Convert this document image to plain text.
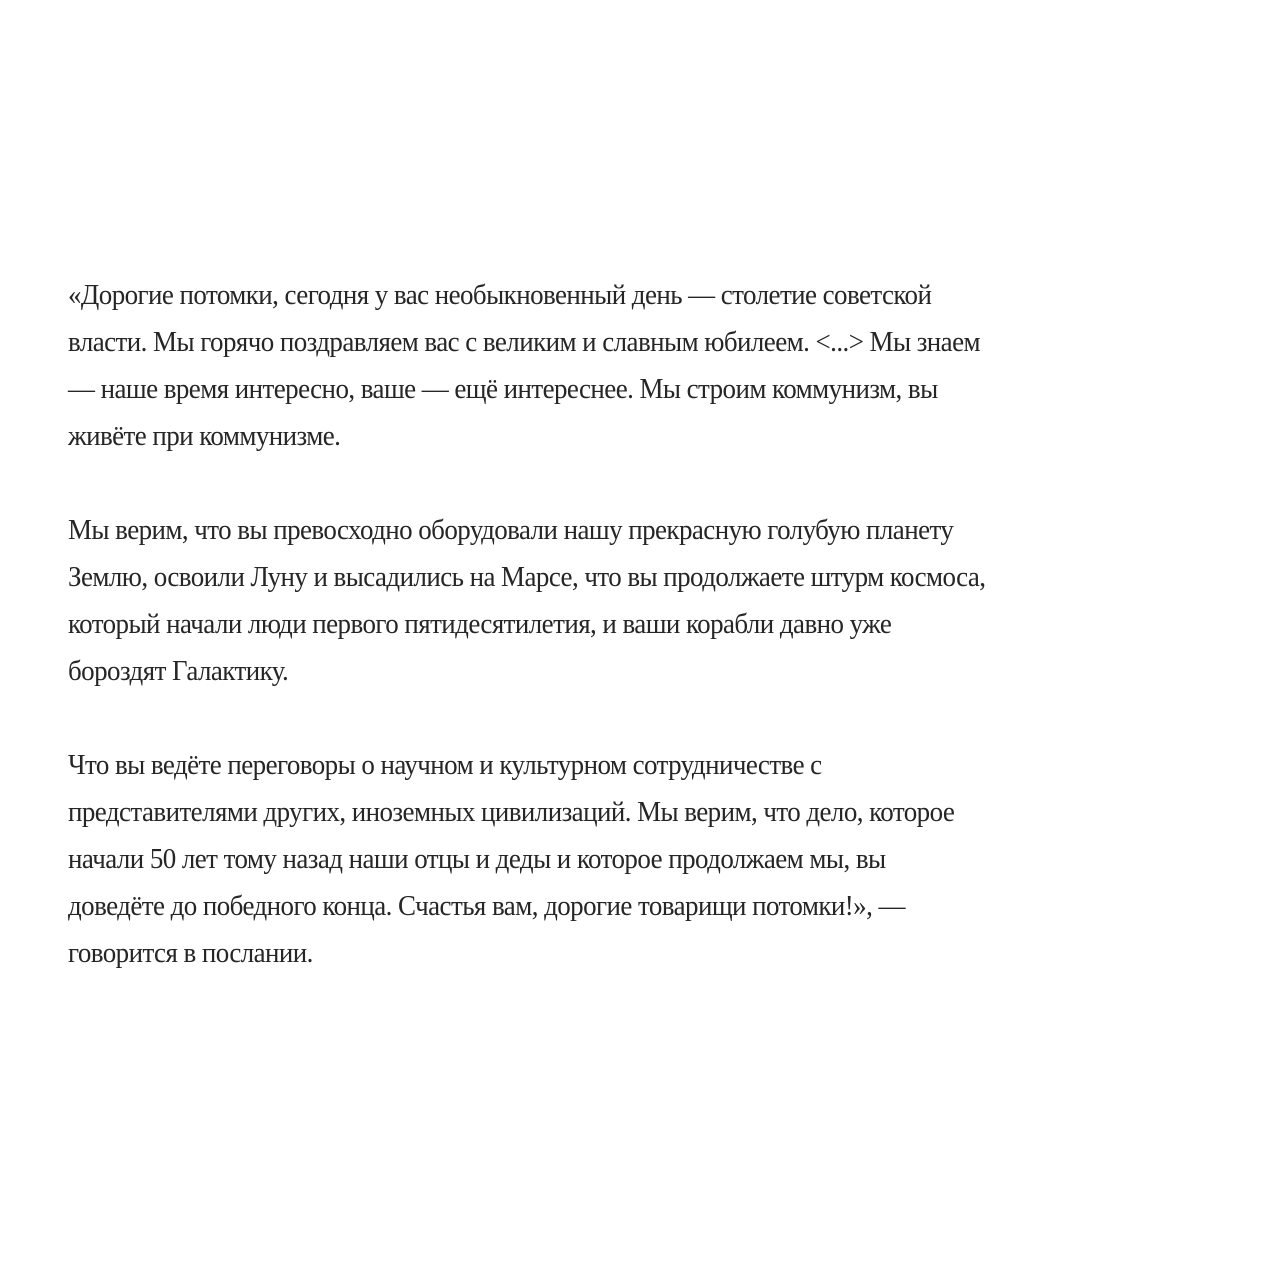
«Дорогие потомки, сегодня у вас необыкновенный день — столетие советской
власти. Мы горячо поздравляем вас с великим и славным юбилеем. <...> Мы знаем
— наше время интересно, ваше — ещё интереснее. Мы строим коммунизм, вы
живёте при коммунизме.

Мы верим, что вы превосходно оборудовали нашу прекрасную голубую планету
Землю, освоили Луну и высадились на Марсе, что вы продолжаете штурм космоса,
который начали люди первого пятидесятилетия, и ваши корабли давно уже
бороздят Галактику.

Что вы ведёте переговоры о научном и культурном сотрудничестве с
представителями других, иноземных цивилизаций. Мы верим, что дело, которое
начали 50 лет тому назад наши отцы и деды и которое продолжаем мы, вы
доведёте до победного конца. Счастья вам, дорогие товарищи потомки!», —
говорится в послании.
